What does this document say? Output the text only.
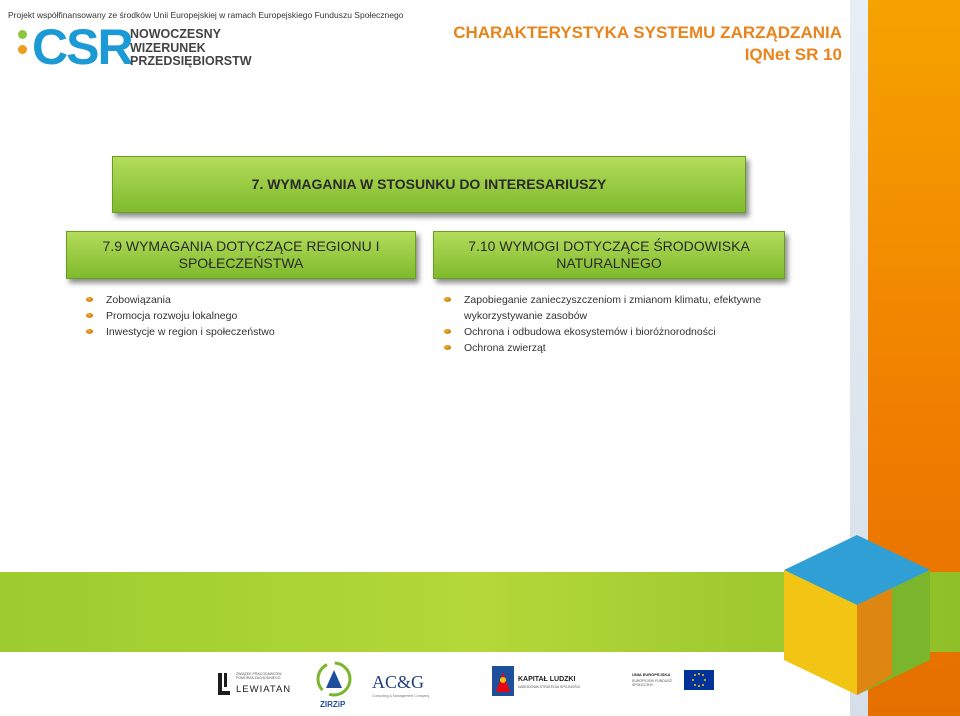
Projekt współfinansowany ze środków Unii Europejskiej w ramach Europejskiego Funduszu Społecznego
CSR
NOWOCZESNY
WIZERUNEK
PRZEDSIĘBIORSTW
CHARAKTERYSTYKA SYSTEMU ZARZĄDZANIA
IQNet SR 10
7. WYMAGANIA W STOSUNKU DO INTERESARIUSZY
7.9 WYMAGANIA DOTYCZĄCE REGIONU I SPOŁECZEŃSTWA
7.10 WYMOGI DOTYCZĄCE ŚRODOWISKA NATURALNEGO
Zobowiązania
Promocja rozwoju lokalnego
Inwestycje w region i społeczeństwo
Zapobieganie zanieczyszczeniom i zmianom klimatu, efektywne wykorzystywanie zasobów
Ochrona i odbudowa ekosystemów i bioróżnorodności
Ochrona zwierząt
ZWIĄZEK PRACODAWCÓW POMORZA ZACHODNIEGO
LEWIATAN
ZIRZiP
AC&G
Consulting & Management Company
KAPITAŁ LUDZKI
NARODOWA STRATEGIA SPÓJNOŚCI
UNIA EUROPEJSKA
EUROPEJSKI FUNDUSZ SPOŁECZNY
